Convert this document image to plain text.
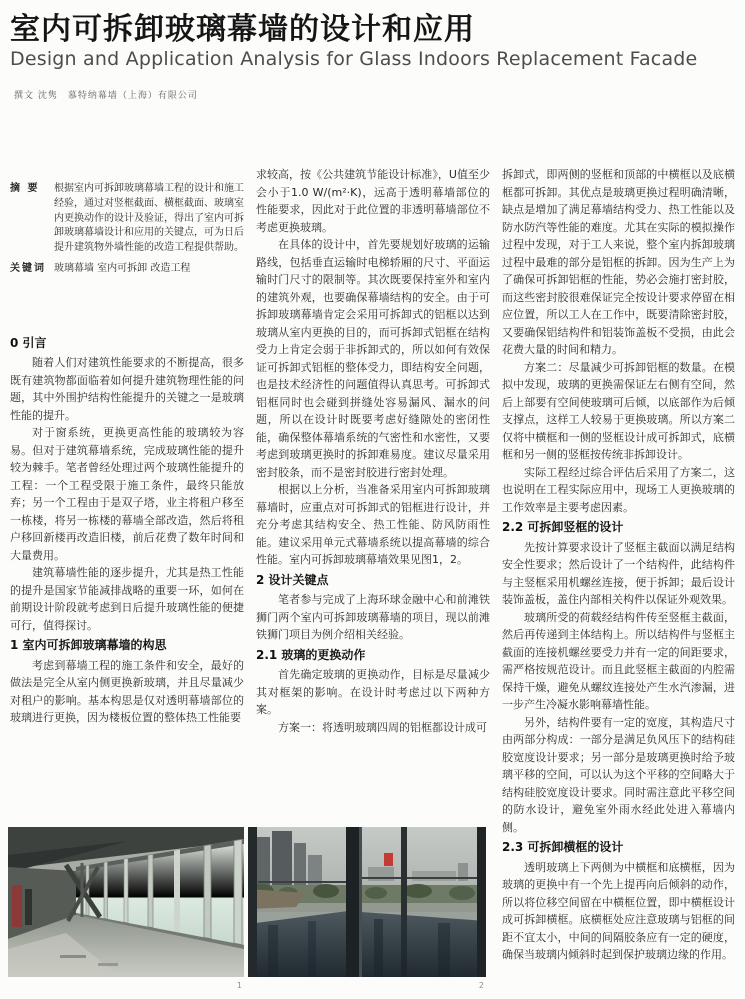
室内可拆卸玻璃幕墙的设计和应用
Design and Application Analysis for Glass Indoors Replacement Facade
撰文 沈隽　慕特纳幕墙（上海）有限公司
摘 要	根据室内可拆卸玻璃幕墙工程的设计和施工经验，通过对竖框截面、横框截面、玻璃室内更换动作的设计及验证，得出了室内可拆卸玻璃幕墙设计和应用的关键点，可为日后提升建筑物外墙性能的改造工程提供帮助。
关键词 玻璃幕墙 室内可拆卸 改造工程
0 引言

随着人们对建筑性能要求的不断提高，很多既有建筑物都面临着如何提升建筑物理性能的问题，其中外围护结构性能提升的关键之一是玻璃性能的提升。

对于窗系统，更换更高性能的玻璃较为容易。但对于建筑幕墙系统，完成玻璃性能的提升较为棘手。笔者曾经处理过两个玻璃性能提升的工程：一个工程受限于施工条件，最终只能放弃；另一个工程由于是双子塔，业主将租户移至一栋楼，将另一栋楼的幕墙全部改造，然后将租户移回新楼再改造旧楼，前后花费了数年时间和大量费用。

建筑幕墙性能的逐步提升，尤其是热工性能的提升是国家节能减排战略的重要一环，如何在前期设计阶段就考虑到日后提升玻璃性能的便捷可行，值得探讨。

1 室内可拆卸玻璃幕墙的构思

考虑到幕墙工程的施工条件和安全，最好的做法是完全从室内侧更换新玻璃，并且尽量减少对租户的影响。基本构思是仅对透明幕墙部位的玻璃进行更换，因为楼板位置的整体热工性能要

求较高，按《公共建筑节能设计标准》，U值至少会小于1.0 W/(m²·K)，远高于透明幕墙部位的性能要求，因此对于此位置的非透明幕墙部位不考虑更换玻璃。

在具体的设计中，首先要规划好玻璃的运输路线，包括垂直运输时电梯轿厢的尺寸、平面运输时门尺寸的限制等。其次既要保持室外和室内的建筑外观，也要确保幕墙结构的安全。由于可拆卸玻璃幕墙肯定会采用可拆卸式的铝框以达到玻璃从室内更换的目的，而可拆卸式铝框在结构受力上肯定会弱于非拆卸式的，所以如何有效保证可拆卸式铝框的整体受力，即结构安全问题，也是技术经济性的问题值得认真思考。可拆卸式铝框同时也会碰到拼缝处容易漏风、漏水的问题，所以在设计时既要考虑好缝隙处的密闭性能，确保整体幕墙系统的气密性和水密性，又要考虑到玻璃更换时的拆卸难易度。建议尽量采用密封胶条，而不是密封胶进行密封处理。

根据以上分析，当准备采用室内可拆卸玻璃幕墙时，应重点对可拆卸式的铝框进行设计，并充分考虑其结构安全、热工性能、防风防雨性能。建议采用单元式幕墙系统以提高幕墙的综合性能。室内可拆卸玻璃幕墙效果见图1，2。

2 设计关键点

笔者参与完成了上海环球金融中心和前滩铁狮门两个室内可拆卸玻璃幕墙的项目，现以前滩铁狮门项目为例介绍相关经验。

2.1 玻璃的更换动作

首先确定玻璃的更换动作，目标是尽量减少其对框架的影响。在设计时考虑过以下两种方案。

方案一：将透明玻璃四周的铝框都设计成可

拆卸式，即两侧的竖框和顶部的中横框以及底横框都可拆卸。其优点是玻璃更换过程明确清晰，缺点是增加了满足幕墙结构受力、热工性能以及防水防汽等性能的难度。尤其在实际的模拟操作过程中发现，对于工人来说，整个室内拆卸玻璃过程中最难的部分是铝框的拆卸。因为生产上为了确保可拆卸铝框的性能，势必会施打密封胶，而这些密封胶很难保证完全按设计要求停留在相应位置，所以工人在工作中，既要清除密封胶，又要确保铝结构件和铝装饰盖板不受损，由此会花费大量的时间和精力。

方案二：尽量减少可拆卸铝框的数量。在模拟中发现，玻璃的更换需保证左右侧有空间，然后上部要有空间使玻璃可后倾，以底部作为后倾支撑点，这样工人较易于更换玻璃。所以方案二仅将中横框和一侧的竖框设计成可拆卸式，底横框和另一侧的竖框按传统非拆卸设计。

实际工程经过综合评估后采用了方案二，这也说明在工程实际应用中，现场工人更换玻璃的工作效率是主要考虑因素。

2.2 可拆卸竖框的设计

先按计算要求设计了竖框主截面以满足结构安全性要求；然后设计了一个结构件，此结构件与主竖框采用机螺丝连接，便于拆卸；最后设计装饰盖板，盖住内部相关构件以保证外观效果。

玻璃所受的荷载经结构件传至竖框主截面，然后再传递到主体结构上。所以结构件与竖框主截面的连接机螺丝要受力并有一定的间距要求，需严格按规范设计。而且此竖框主截面的内腔需保持干燥，避免从螺纹连接处产生水汽渗漏，进一步产生冷凝水影响幕墙性能。

另外，结构件要有一定的宽度，其构造尺寸由两部分构成：一部分是满足负风压下的结构硅胶宽度设计要求；另一部分是玻璃更换时给予玻璃平移的空间，可以认为这个平移的空间略大于结构硅胶宽度设计要求。同时需注意此平移空间的防水设计，避免室外雨水经此处进入幕墙内侧。

2.3 可拆卸横框的设计

透明玻璃上下两侧为中横框和底横框，因为玻璃的更换中有一个先上提再向后倾斜的动作，所以将位移空间留在中横框位置，即中横框设计成可拆卸横框。底横框处应注意玻璃与铝框的间距不宜太小，中间的间隔胶条应有一定的硬度，确保当玻璃内倾斜时起到保护玻璃边缘的作用。

1	2
